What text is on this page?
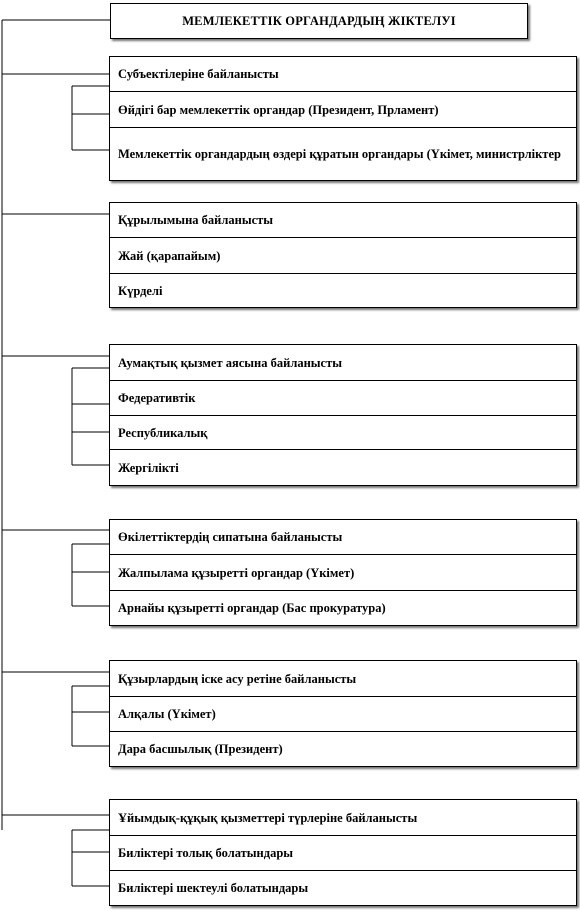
МЕМЛЕКЕТТІК ОРГАНДАРДЫҢ ЖІКТЕЛУІ
Субъектілеріне байланысты
Өйдігі бар мемлекеттік органдар (Президент, Прламент)
Мемлекеттік органдардың өздері құратын органдары (Үкімет, министрліктер
Құрылымына байланысты
Жай (қарапайым)
Күрделі
Аумақтық қызмет аясына байланысты
Федеративтік
Республикалық
Жергілікті
Өкілеттіктердің сипатына байланысты
Жалпылама құзыретті органдар (Үкімет)
Арнайы құзыретті органдар (Бас прокуратура)
Құзырлардың іске асу ретіне байланысты
Алқалы (Үкімет)
Дара басшылық (Президент)
Ұйымдық-құқық қызметтері түрлеріне байланысты
Биліктері толық болатындары
Биліктері шектеулі болатындары
